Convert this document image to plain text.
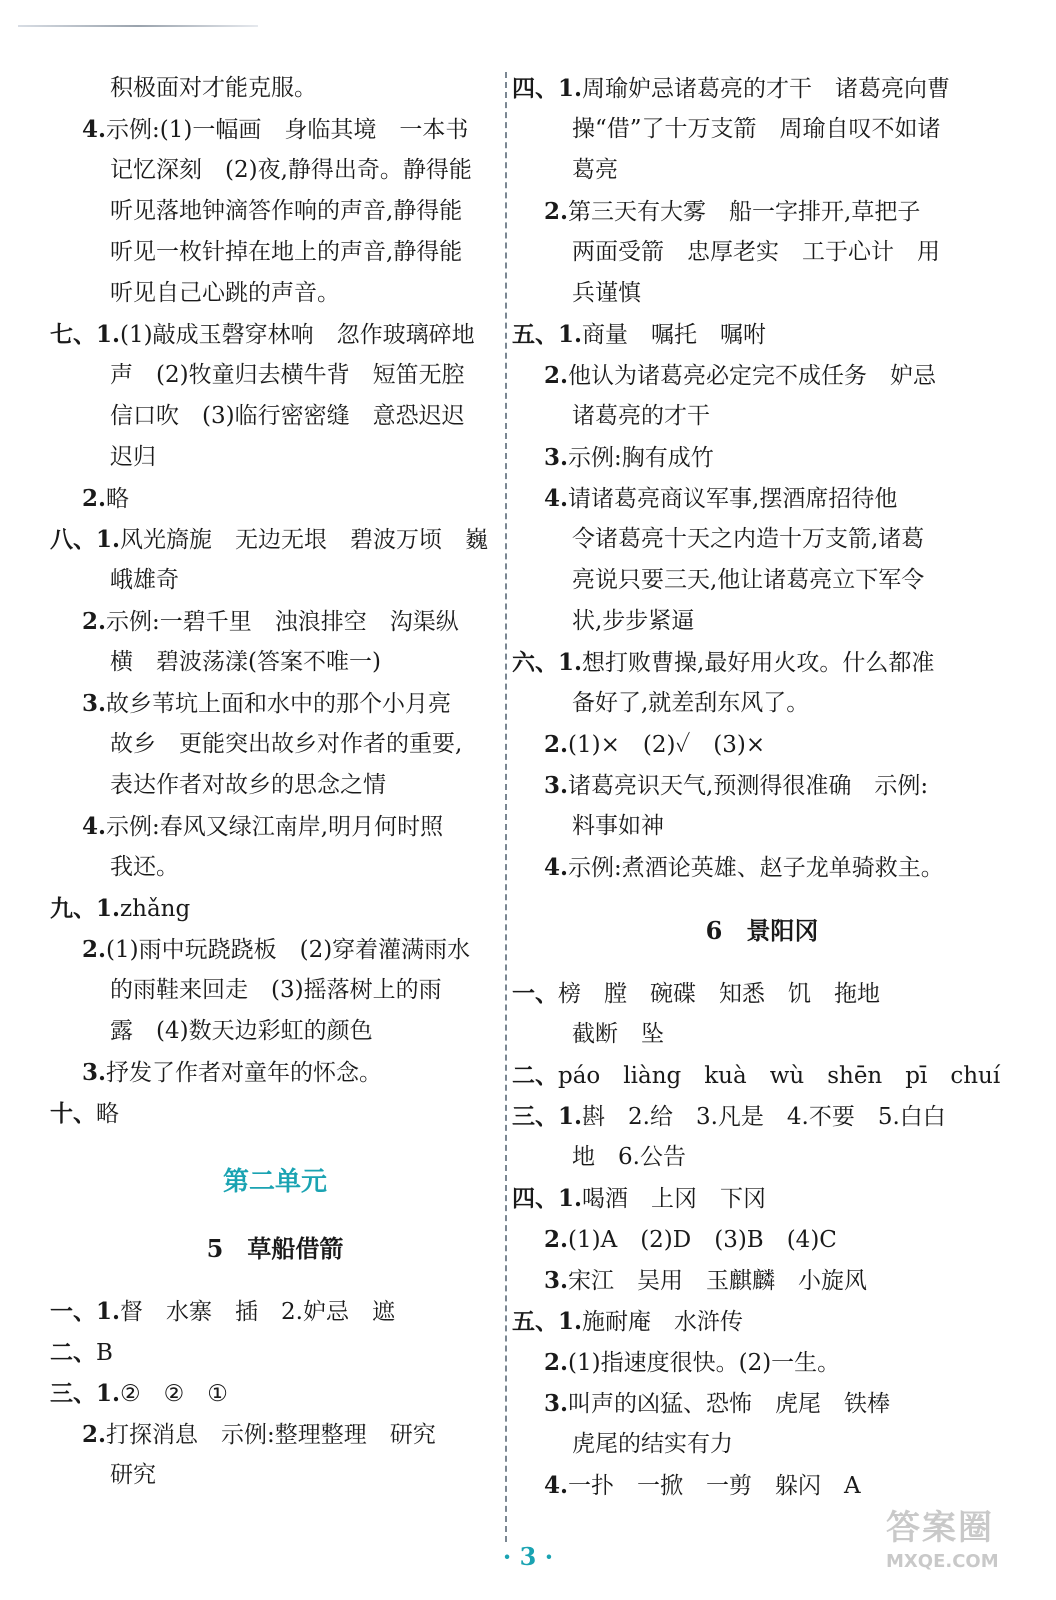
积极面对才能克服。
4.示例:(1)一幅画　身临其境　一本书
记忆深刻　(2)夜,静得出奇。静得能
听见落地钟滴答作响的声音,静得能
听见一枚针掉在地上的声音,静得能
听见自己心跳的声音。
七、1.(1)敲成玉磬穿林响　忽作玻璃碎地
声　(2)牧童归去横牛背　短笛无腔
信口吹　(3)临行密密缝　意恐迟迟
迟归
2.略
八、1.风光旖旎　无边无垠　碧波万顷　巍
峨雄奇
2.示例:一碧千里　浊浪排空　沟渠纵
横　碧波荡漾(答案不唯一)
3.故乡苇坑上面和水中的那个小月亮
故乡　更能突出故乡对作者的重要,
表达作者对故乡的思念之情
4.示例:春风又绿江南岸,明月何时照
我还。
九、1.zhǎng
2.(1)雨中玩跷跷板　(2)穿着灌满雨水
的雨鞋来回走　(3)摇落树上的雨
露　(4)数天边彩虹的颜色
3.抒发了作者对童年的怀念。
十、略
第二单元
5　草船借箭
一、1.督　水寨　插　2.妒忌　遮
二、B
三、1.②　②　①
2.打探消息　示例:整理整理　研究
研究
四、1.周瑜妒忌诸葛亮的才干　诸葛亮向曹
操“借”了十万支箭　周瑜自叹不如诸
葛亮
2.第三天有大雾　船一字排开,草把子
两面受箭　忠厚老实　工于心计　用
兵谨慎
五、1.商量　嘱托　嘱咐
2.他认为诸葛亮必定完不成任务　妒忌
诸葛亮的才干
3.示例:胸有成竹
4.请诸葛亮商议军事,摆酒席招待他
令诸葛亮十天之内造十万支箭,诸葛
亮说只要三天,他让诸葛亮立下军令
状,步步紧逼
六、1.想打败曹操,最好用火攻。什么都准
备好了,就差刮东风了。
2.(1)×　(2)✓　(3)×
3.诸葛亮识天气,预测得很准确　示例:
料事如神
4.示例:煮酒论英雄、赵子龙单骑救主。
6　景阳冈
一、榜　膛　碗碟　知悉　饥　拖地
截断　坠
二、páo　liàng　kuà　wù　shēn　pī　chuí
三、1.斟　2.给　3.凡是　4.不要　5.白白
地　6.公告
四、1.喝酒　上冈　下冈
2.(1)A　(2)D　(3)B　(4)C
3.宋江　吴用　玉麒麟　小旋风
五、1.施耐庵　水浒传
2.(1)指速度很快。(2)一生。
3.叫声的凶猛、恐怖　虎尾　铁棒
虎尾的结实有力
4.一扑　一掀　一剪　躲闪　A
· 3 ·
答案圈
MXQE.COM
